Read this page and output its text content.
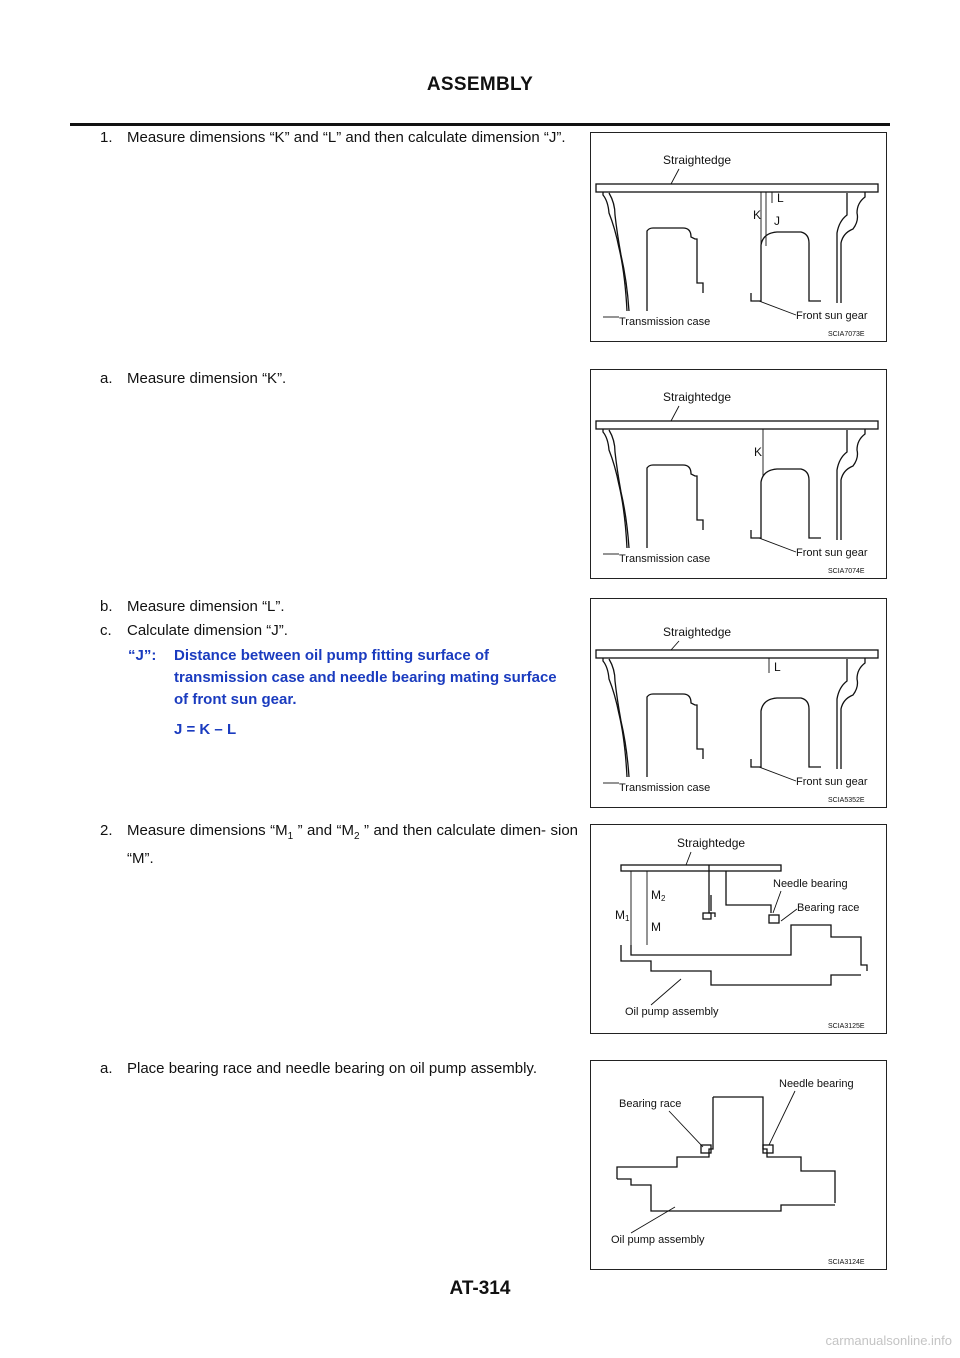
ASSEMBLY
1. Measure dimensions “K” and “L” and then calculate dimension “J”.
a. Measure dimension “K”.
b. Measure dimension “L”.
c. Calculate dimension “J”.
“J”: Distance between oil pump fitting surface of transmission case and needle bearing mating surface of front sun gear.
J = K – L
2. Measure dimensions “$M_1$ ” and “$M_2$ ” and then calculate dimen- sion “M”.
a. Place bearing race and needle bearing on oil pump assembly.
Straightedge
L
K J
Transmission case	Front sun gear
SCIA7073E
Straightedge
K
Transmission case	Front sun gear
SCIA7074E
Straightedge
L
Transmission case	Front sun gear
SCIA5352E
Straightedge
M1
M2
M
Needle bearing
Bearing race
Oil pump assembly
SCIA3125E
Needle bearing
Bearing race
Oil pump assembly
SCIA3124E
AT-314
carmanualsonline.info
